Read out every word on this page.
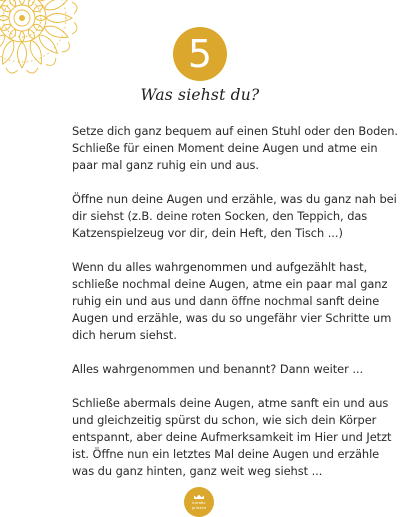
5
Was siehst du?

Setze dich ganz bequem auf einen Stuhl oder den Boden.
Schließe für einen Moment deine Augen und atme ein
paar mal ganz ruhig ein und aus.

Öffne nun deine Augen und erzähle, was du ganz nah bei
dir siehst (z.B. deine roten Socken, den Teppich, das
Katzenspielzeug vor dir, dein Heft, den Tisch ...)

Wenn du alles wahrgenommen und aufgezählt hast,
schließe nochmal deine Augen, atme ein paar mal ganz
ruhig ein und aus und dann öffne nochmal sanft deine
Augen und erzähle, was du so ungefähr vier Schritte um
dich herum siehst.

Alles wahrgenommen und benannt? Dann weiter ...

Schließe abermals deine Augen, atme sanft ein und aus
und gleichzeitig spürst du schon, wie sich dein Körper
entspannt, aber deine Aufmerksamkeit im Hier und Jetzt
ist. Öffne nun ein letztes Mal deine Augen und erzähle
was du ganz hinten, ganz weit weg siehst ...

kreativ
prinzen
